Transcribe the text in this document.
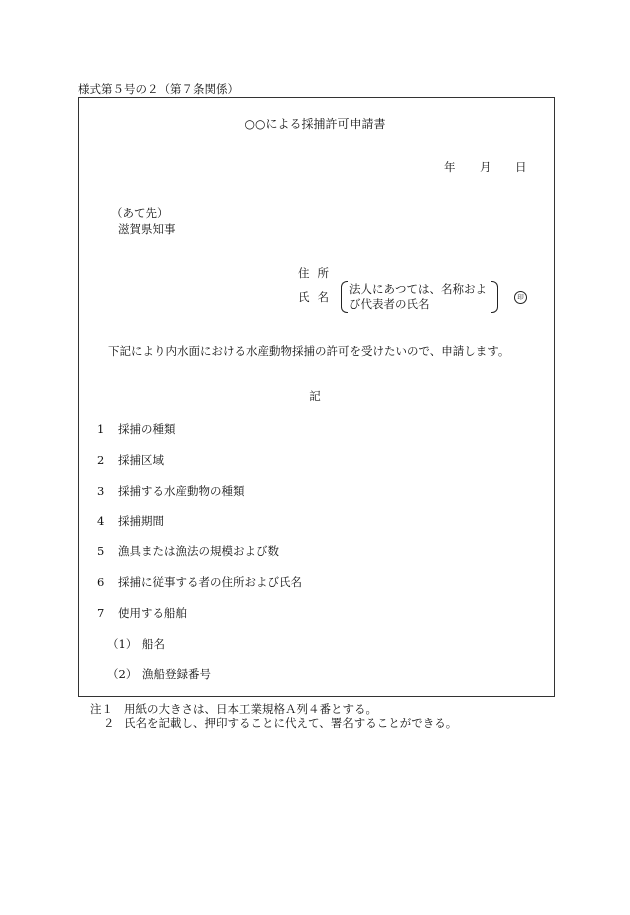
様式第５号の２（第７条関係）
○○による採捕許可申請書
年 月 日
（あて先）
滋賀県知事
住所
氏名
法人にあつては、名称およ
び代表者の氏名	印
下記により内水面における水産動物採捕の許可を受けたいので、申請します。
記
1 採捕の種類
2 採捕区域
3 採捕する水産動物の種類
4 採捕期間
5 漁具または漁法の規模および数
6 採捕に従事する者の住所および氏名
7 使用する船舶
（1） 船名
（2） 漁船登録番号
注１ 用紙の大きさは、日本工業規格Ａ列４番とする。
２ 氏名を記載し、押印することに代えて、署名することができる。
